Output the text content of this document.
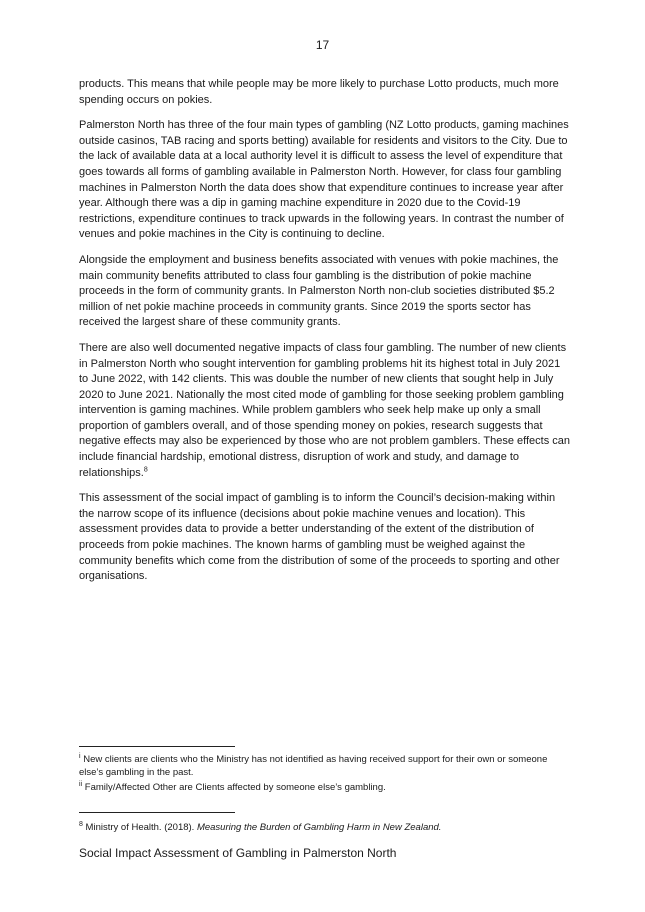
17

products. This means that while people may be more likely to purchase Lotto products, much more spending occurs on pokies.

Palmerston North has three of the four main types of gambling (NZ Lotto products, gaming machines outside casinos, TAB racing and sports betting) available for residents and visitors to the City. Due to the lack of available data at a local authority level it is difficult to assess the level of expenditure that goes towards all forms of gambling available in Palmerston North. However, for class four gambling machines in Palmerston North the data does show that expenditure continues to increase year after year. Although there was a dip in gaming machine expenditure in 2020 due to the Covid-19 restrictions, expenditure continues to track upwards in the following years. In contrast the number of venues and pokie machines in the City is continuing to decline.

Alongside the employment and business benefits associated with venues with pokie machines, the main community benefits attributed to class four gambling is the distribution of pokie machine proceeds in the form of community grants. In Palmerston North non-club societies distributed $5.2 million of net pokie machine proceeds in community grants. Since 2019 the sports sector has received the largest share of these community grants.

There are also well documented negative impacts of class four gambling. The number of new clients in Palmerston North who sought intervention for gambling problems hit its highest total in July 2021 to June 2022, with 142 clients. This was double the number of new clients that sought help in July 2020 to June 2021. Nationally the most cited mode of gambling for those seeking problem gambling intervention is gaming machines. While problem gamblers who seek help make up only a small proportion of gamblers overall, and of those spending money on pokies, research suggests that negative effects may also be experienced by those who are not problem gamblers. These effects can include financial hardship, emotional distress, disruption of work and study, and damage to relationships.$^8$

This assessment of the social impact of gambling is to inform the Council’s decision-making within the narrow scope of its influence (decisions about pokie machine venues and location). This assessment provides data to provide a better understanding of the extent of the distribution of proceeds from pokie machines. The known harms of gambling must be weighed against the community benefits which come from the distribution of some of the proceeds to sporting and other organisations.

$^i$ New clients are clients who the Ministry has not identified as having received support for their own or someone else’s gambling in the past.

$^{ii}$ Family/Affected Other are Clients affected by someone else’s gambling.

$^8$ Ministry of Health. (2018). Measuring the Burden of Gambling Harm in New Zealand.

Social Impact Assessment of Gambling in Palmerston North
